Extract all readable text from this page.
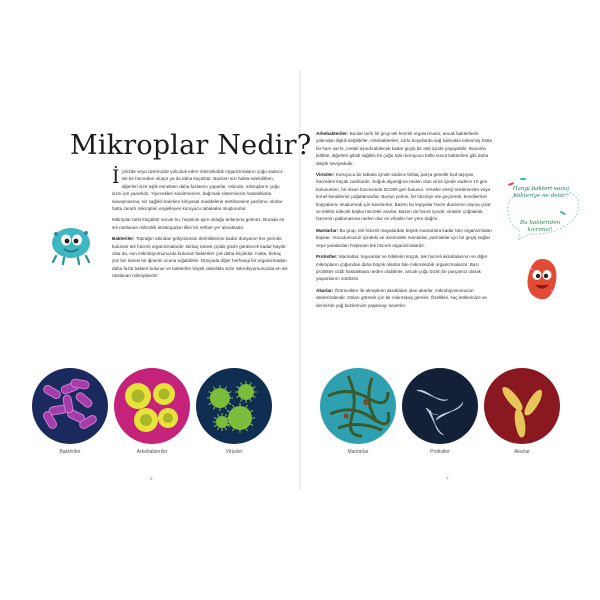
Mikroplar Nedir?

İçinizde veya üzerinizde yolculuk eden mikroskobik organizmaların çoğu sadece tek bir hücreden oluşur ya da daha küçüktür. Bazıları sizi hasta edebilirken, diğerleri size eşlik etmekten daha fazlasını yaparlar. Aslında, mikropların çoğu sizin için yararlıdır. Yiyecekleri sindirmenize, bağırsak sisteminizin hastalıklarla savaşmasına, siz sağlıklı kalırken kimyasal maddelerin üretilmesine yardımcı olurlar hatta zararlı mikropları engelleyen koruyucu tabakalar oluştururlar.

Mikroplar türlü küçüktür ancak bu, hepsinin aynı olduğu anlamına gelmez. Burada en sık rastlanan mikrobik etoskopuları ilkin bir rehber yer almaktadır.

Bakteriler: Toprağın altından gökyüzünün derinliklerine kadar dünyanın her yerinde bulunan tek hücreli organizmalardır. Birkaç tanesi çıplak gözle görülecek kadar büyük olsa da, son mikrobiyomunuzda bulunan bakteriler çok daha küçüktür. Hatta, birkaç yüz bin tanesi bir iğnenin ucuna sığabilirler. Dünyada diğer herhangi bir organizmadan daha fazla bakteri bulunur ve bakteriler büyük olasılıkla sizin mikrobiyomunuzda en sık rastlanan mikroplardır!

Arkebakteriler: Bunlar tarih bir grup tek hücreli organizmadır, ancak bakterilerle yakından ilişkili değildirler. Arkebakteriler, zorlu koşullarda sağ kalmakla ünlenmiş hatta bir harv var ki, metali aşındırabilecek kadar güçlü bir asit içinde yaşayabilir. Bununla birlikte, diğerleri gibidi sağlıklı bir çoğu sizin koruyucu böllü vücut bakterileri gibi daha düşük seviyededir.

Virüsler: Koruyucu bir tabaka içinde sadece birkaç parça genetik kod taşıyan, hücreden küçük canlılardır. Soğuk algınlığına neden olan virüs içinde sadece 10 gen bulunurken, bir insan hücresinde 20.000 gen bulunur. Virüsler enerji üretemezler veya temel kendilerini çoğaltamazlar. Bunun yerine, bir hücreye ele geçirerek, kendilerinin kopyalarını oluşturmak için kandırırlar. Bazen bu kopyalar hücre duvarının dışına çıkar ve tetiktir edecek başka hücreler ararlar. Bazen de hücre içinde; virüsler çoğalarak hücrenin patlamasına neden olur ve virüsler her yere dağılır.

Mantarlar: Bu grup, tek hücreli mayalardan büyük mantarlara kadar tüm organizmaları kapsar. Vücudumuzun içindeki ve üzerindeki mantarlar, parmaklar için bir geçiş sağlar veya yaralardan hoşlanan tek hücreli organizmalardır.

Protistler: Mantarlar, hayvanlar ve bitkilerin küçük, tek hücreli akrabalarının ve diğer mikropların çoğundan daha büyük olanlar bile mikroskobik organizmalardır. Bazı protistler ciddi hastalıklara neden olabilirler, ancak çoğu bizim bir parçamız olarak yaşamlarını sürdürür.

Akarlar: Örümcekler ile akreplerin akrabaları olan akarlar, mikrobiyomunuzun devlerindendir. Onları görmek için bir mikroskop gerekir. Özellikle, saç köklerinize ve derinizde yağ bezlerinize yaşamayı severler.

Hangi bakteri varsa bakteriye ne denir?
Bu bakteriden kıvrımız!
Bakteriler	Arkebakteriler	Virüsler	Mantarlar	Protistler	Akarlar
6	7
